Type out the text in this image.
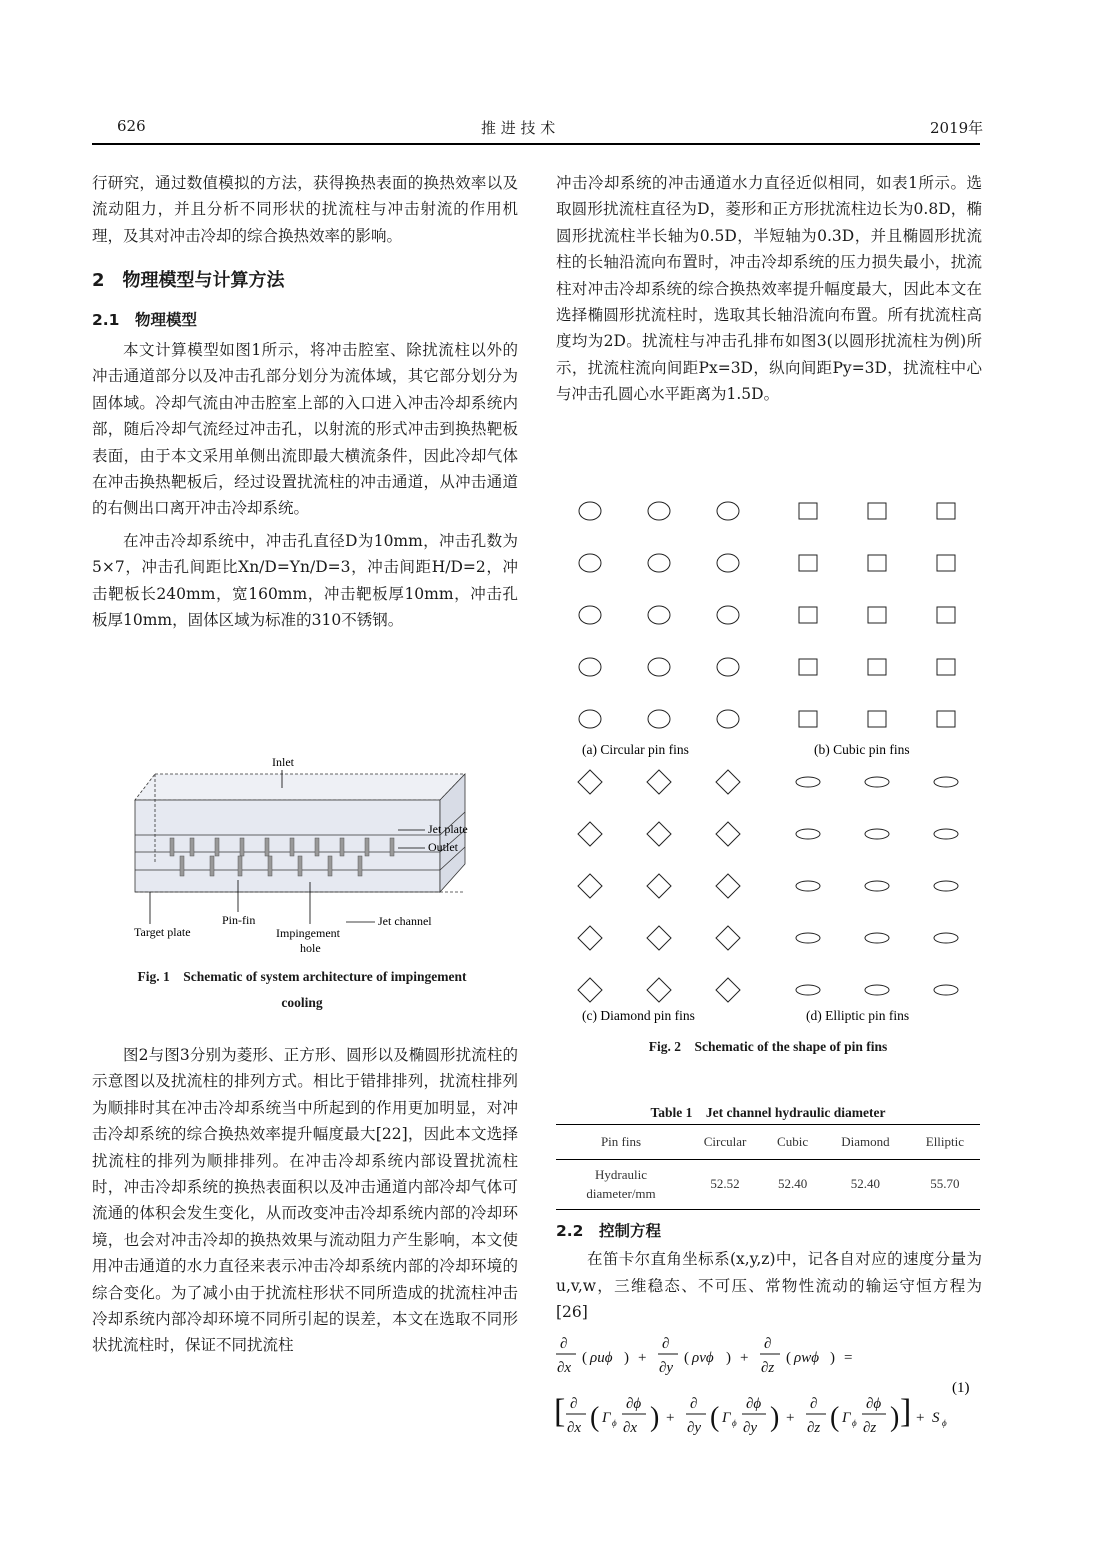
626	推 进 技 术	2019年

行研究，通过数值模拟的方法，获得换热表面的换热效率以及流动阻力，并且分析不同形状的扰流柱与冲击射流的作用机理，及其对冲击冷却的综合换热效率的影响。

2　物理模型与计算方法
2.1　物理模型

本文计算模型如图1所示，将冲击腔室、除扰流柱以外的冲击通道部分以及冲击孔部分划分为流体域，其它部分划分为固体域。冷却气流由冲击腔室上部的入口进入冲击冷却系统内部，随后冷却气流经过冲击孔，以射流的形式冲击到换热靶板表面，由于本文采用单侧出流即最大横流条件，因此冷却气体在冲击换热靶板后，经过设置扰流柱的冲击通道，从冲击通道的右侧出口离开冲击冷却系统。

在冲击冷却系统中，冲击孔直径D为10mm，冲击孔数为5×7，冲击孔间距比Xn/D=Yn/D=3，冲击间距H/D=2，冲击靶板长240mm，宽160mm，冲击靶板厚10mm，冲击孔板厚10mm，固体区域为标准的310不锈钢。

Inlet
Jet plate
Outlet
Jet channel
Target plate
Pin-fin
Impingement
hole
Fig. 1　Schematic of system architecture of impingement
cooling

图2与图3分别为菱形、正方形、圆形以及椭圆形扰流柱的示意图以及扰流柱的排列方式。相比于错排排列，扰流柱排列为顺排时其在冲击冷却系统当中所起到的作用更加明显，对冲击冷却系统的综合换热效率提升幅度最大[22]，因此本文选择扰流柱的排列为顺排排列。在冲击冷却系统内部设置扰流柱时，冲击冷却系统的换热表面积以及冲击通道内部冷却气体可流通的体积会发生变化，从而改变冲击冷却系统内部的冷却环境，也会对冲击冷却的换热效果与流动阻力产生影响，本文使用冲击通道的水力直径来表示冲击冷却系统内部的冷却环境的综合变化。为了减小由于扰流柱形状不同所造成的扰流柱冲击冷却系统内部冷却环境不同所引起的误差，本文在选取不同形状扰流柱时，保证不同扰流柱

冲击冷却系统的冲击通道水力直径近似相同，如表1所示。选取圆形扰流柱直径为D，菱形和正方形扰流柱边长为0.8D，椭圆形扰流柱半长轴为0.5D，半短轴为0.3D，并且椭圆形扰流柱的长轴沿流向布置时，冲击冷却系统的压力损失最小，扰流柱对冲击冷却系统的综合换热效率提升幅度最大，因此本文在选择椭圆形扰流柱时，选取其长轴沿流向布置。所有扰流柱高度均为2D。扰流柱与冲击孔排布如图3(以圆形扰流柱为例)所示，扰流柱流向间距Px=3D，纵向间距Py=3D，扰流柱中心与冲击孔圆心水平距离为1.5D。

(a) Circular pin fins	(b) Cubic pin fins
(c) Diamond pin fins	(d) Elliptic pin fins
Fig. 2　Schematic of the shape of pin fins
Table 1　Jet channel hydraulic diameter
Pin fins	Circular	Cubic	Diamond	Elliptic

Hydraulic
diameter/mm	52.52	52.40	52.40	55.70
2.2　控制方程

在笛卡尔直角坐标系(x,y,z)中，记各自对应的速度分量为u,v,w，三维稳态、不可压、常物性流动的输运守恒方程为[26]

∂
∂x
( ρuϕ ) +
∂
∂y
( ρvϕ ) +
∂
∂z
( ρwϕ ) =
[ ∂
∂x ( Γ ϕ
∂ϕ
∂x ) +
∂
∂y ( Γ ϕ
∂ϕ
∂y ) +
∂
∂z ( Γ ϕ
∂ϕ
∂z ) ] + S ϕ
(1)
